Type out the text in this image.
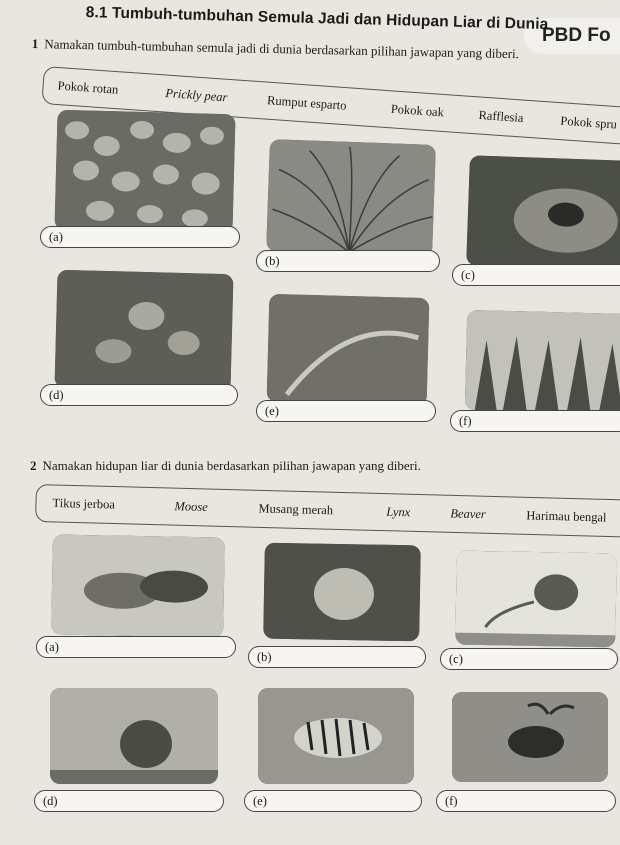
PBD Fo
8.1 Tumbuh-tumbuhan Semula Jadi dan Hidupan Liar di Dunia
1 Namakan tumbuh-tumbuhan semula jadi di dunia berdasarkan pilihan jawapan yang diberi.
Pokok rotan	Prickly pear	Rumput esparto	Pokok oak	Rafflesia	Pokok spru
(a)
(b)
(c)
(d)
(e)
(f)
2 Namakan hidupan liar di dunia berdasarkan pilihan jawapan yang diberi.
Tikus jerboa	Moose	Musang merah	Lynx	Beaver	Harimau bengal
(a)
(b)	(c)
(d)	(e)	(f)
